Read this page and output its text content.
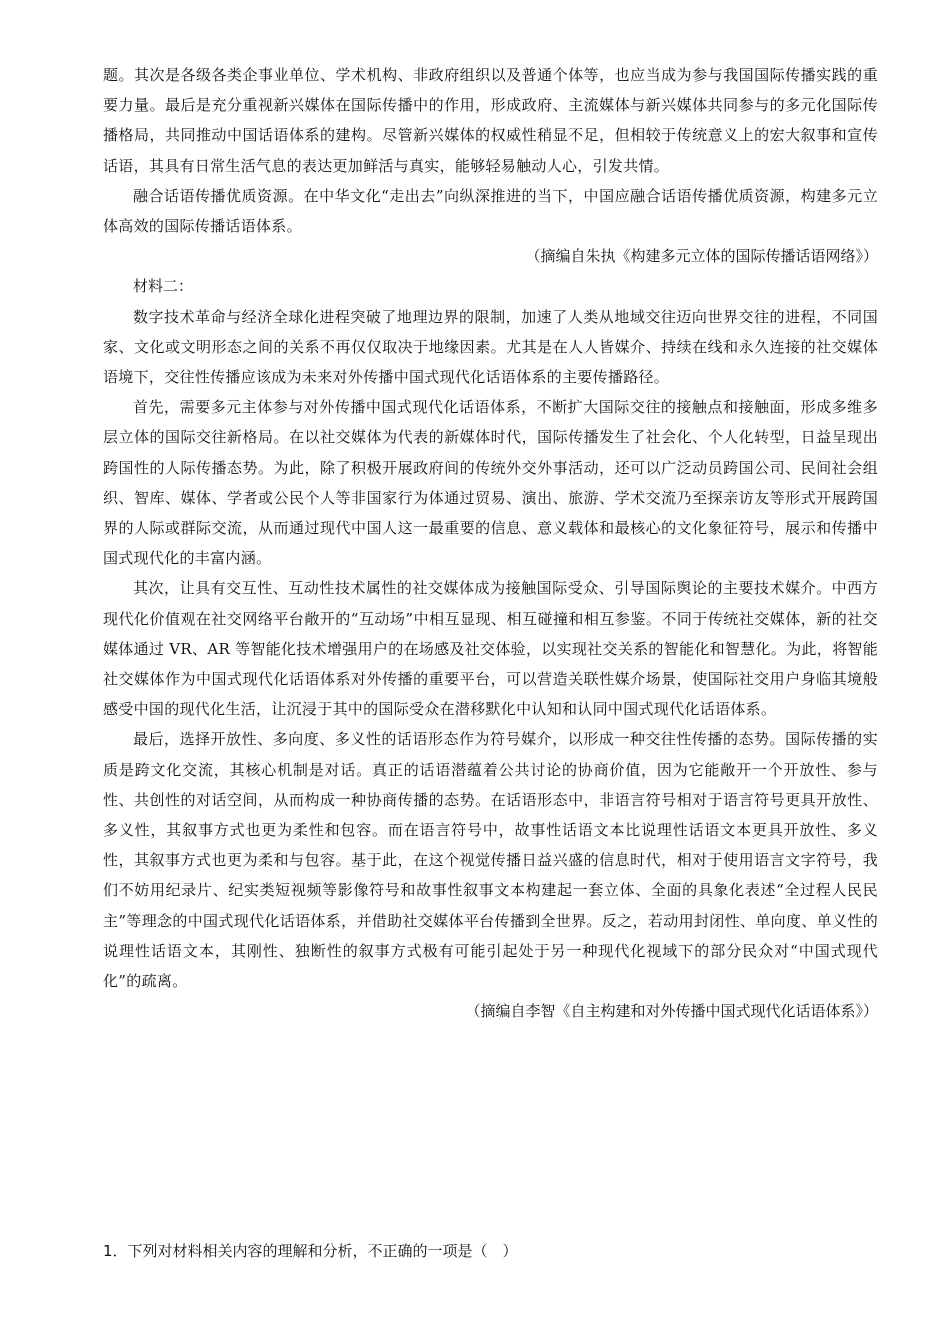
题。其次是各级各类企事业单位、学术机构、非政府组织以及普通个体等，也应当成为参与我国国际传播实践的重要力量。最后是充分重视新兴媒体在国际传播中的作用，形成政府、主流媒体与新兴媒体共同参与的多元化国际传播格局，共同推动中国话语体系的建构。尽管新兴媒体的权威性稍显不足，但相较于传统意义上的宏大叙事和宣传话语，其具有日常生活气息的表达更加鲜活与真实，能够轻易触动人心，引发共情。

融合话语传播优质资源。在中华文化“走出去”向纵深推进的当下，中国应融合话语传播优质资源，构建多元立体高效的国际传播话语体系。

（摘编自朱执《构建多元立体的国际传播话语网络》）

材料二：

数字技术革命与经济全球化进程突破了地理边界的限制，加速了人类从地域交往迈向世界交往的进程，不同国家、文化或文明形态之间的关系不再仅仅取决于地缘因素。尤其是在人人皆媒介、持续在线和永久连接的社交媒体语境下，交往性传播应该成为未来对外传播中国式现代化话语体系的主要传播路径。

首先，需要多元主体参与对外传播中国式现代化话语体系，不断扩大国际交往的接触点和接触面，形成多维多层立体的国际交往新格局。在以社交媒体为代表的新媒体时代，国际传播发生了社会化、个人化转型，日益呈现出跨国性的人际传播态势。为此，除了积极开展政府间的传统外交外事活动，还可以广泛动员跨国公司、民间社会组织、智库、媒体、学者或公民个人等非国家行为体通过贸易、演出、旅游、学术交流乃至探亲访友等形式开展跨国界的人际或群际交流，从而通过现代中国人这一最重要的信息、意义载体和最核心的文化象征符号，展示和传播中国式现代化的丰富内涵。

其次，让具有交互性、互动性技术属性的社交媒体成为接触国际受众、引导国际舆论的主要技术媒介。中西方现代化价值观在社交网络平台敞开的“互动场”中相互显现、相互碰撞和相互参鉴。不同于传统社交媒体，新的社交媒体通过 VR、AR 等智能化技术增强用户的在场感及社交体验，以实现社交关系的智能化和智慧化。为此，将智能社交媒体作为中国式现代化话语体系对外传播的重要平台，可以营造关联性媒介场景，使国际社交用户身临其境般感受中国的现代化生活，让沉浸于其中的国际受众在潜移默化中认知和认同中国式现代化话语体系。

最后，选择开放性、多向度、多义性的话语形态作为符号媒介，以形成一种交往性传播的态势。国际传播的实质是跨文化交流，其核心机制是对话。真正的话语潜蕴着公共讨论的协商价值，因为它能敞开一个开放性、参与性、共创性的对话空间，从而构成一种协商传播的态势。在话语形态中，非语言符号相对于语言符号更具开放性、多义性，其叙事方式也更为柔性和包容。而在语言符号中，故事性话语文本比说理性话语文本更具开放性、多义性，其叙事方式也更为柔和与包容。基于此，在这个视觉传播日益兴盛的信息时代，相对于使用语言文字符号，我们不妨用纪录片、纪实类短视频等影像符号和故事性叙事文本构建起一套立体、全面的具象化表述“全过程人民民主”等理念的中国式现代化话语体系，并借助社交媒体平台传播到全世界。反之，若动用封闭性、单向度、单义性的说理性话语文本，其刚性、独断性的叙事方式极有可能引起处于另一种现代化视域下的部分民众对“中国式现代化”的疏离。

（摘编自李智《自主构建和对外传播中国式现代化话语体系》）

1．下列对材料相关内容的理解和分析，不正确的一项是（　）
